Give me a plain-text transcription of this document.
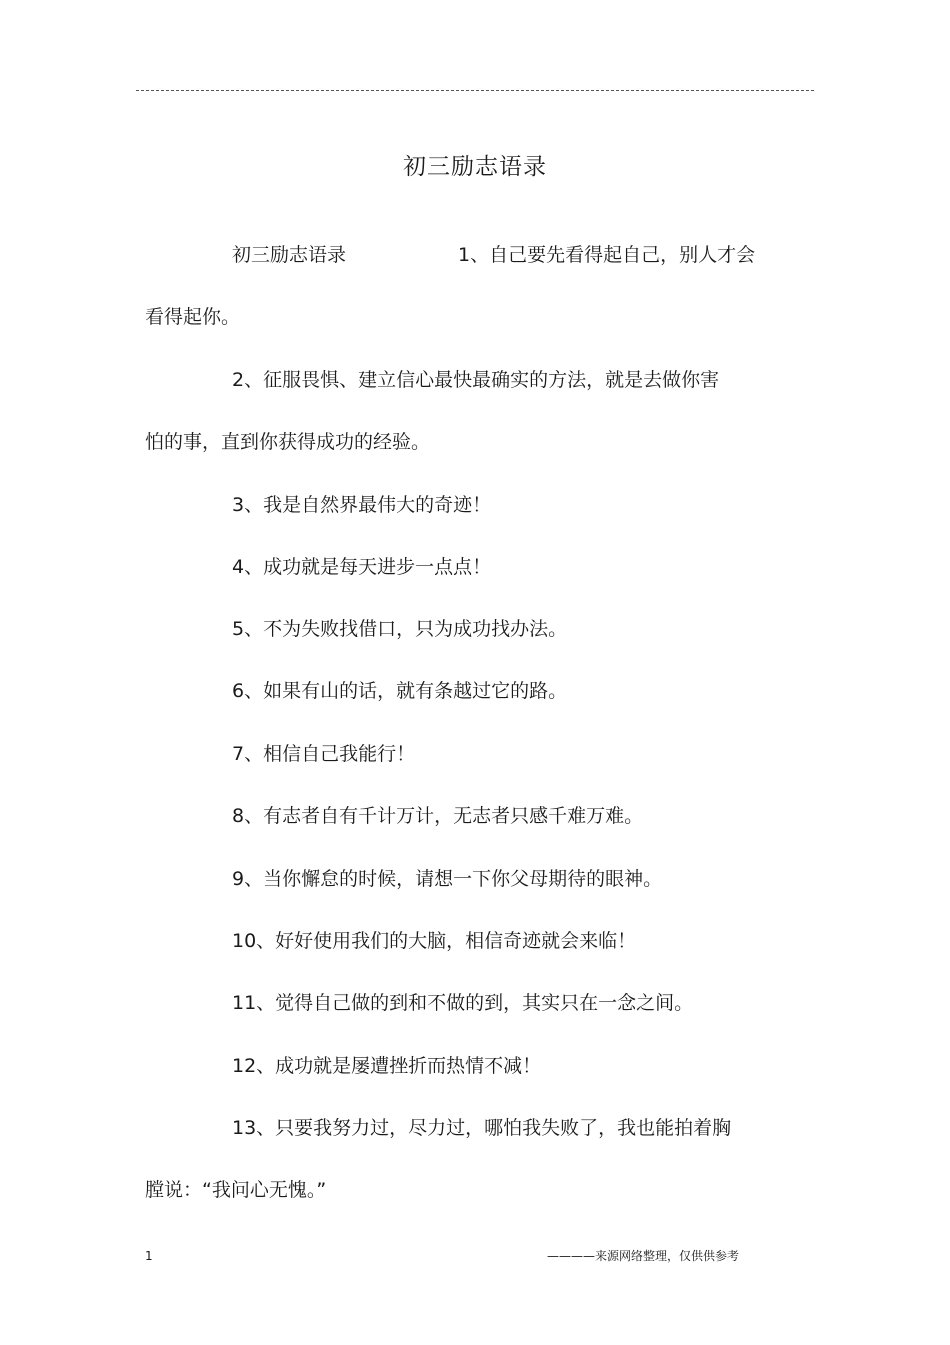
初三励志语录
初三励志语录	1、自己要先看得起自己，别人才会
看得起你。
2、征服畏惧、建立信心最快最确实的方法，就是去做你害
怕的事，直到你获得成功的经验。
3、我是自然界最伟大的奇迹！
4、成功就是每天进步一点点！
5、不为失败找借口，只为成功找办法。
6、如果有山的话，就有条越过它的路。
7、相信自己我能行！
8、有志者自有千计万计，无志者只感千难万难。
9、当你懈怠的时候，请想一下你父母期待的眼神。
10、好好使用我们的大脑，相信奇迹就会来临！
11、觉得自己做的到和不做的到，其实只在一念之间。
12、成功就是屡遭挫折而热情不减！
13、只要我努力过，尽力过，哪怕我失败了，我也能拍着胸
膛说：“我问心无愧。”
1	————来源网络整理，仅供供参考
